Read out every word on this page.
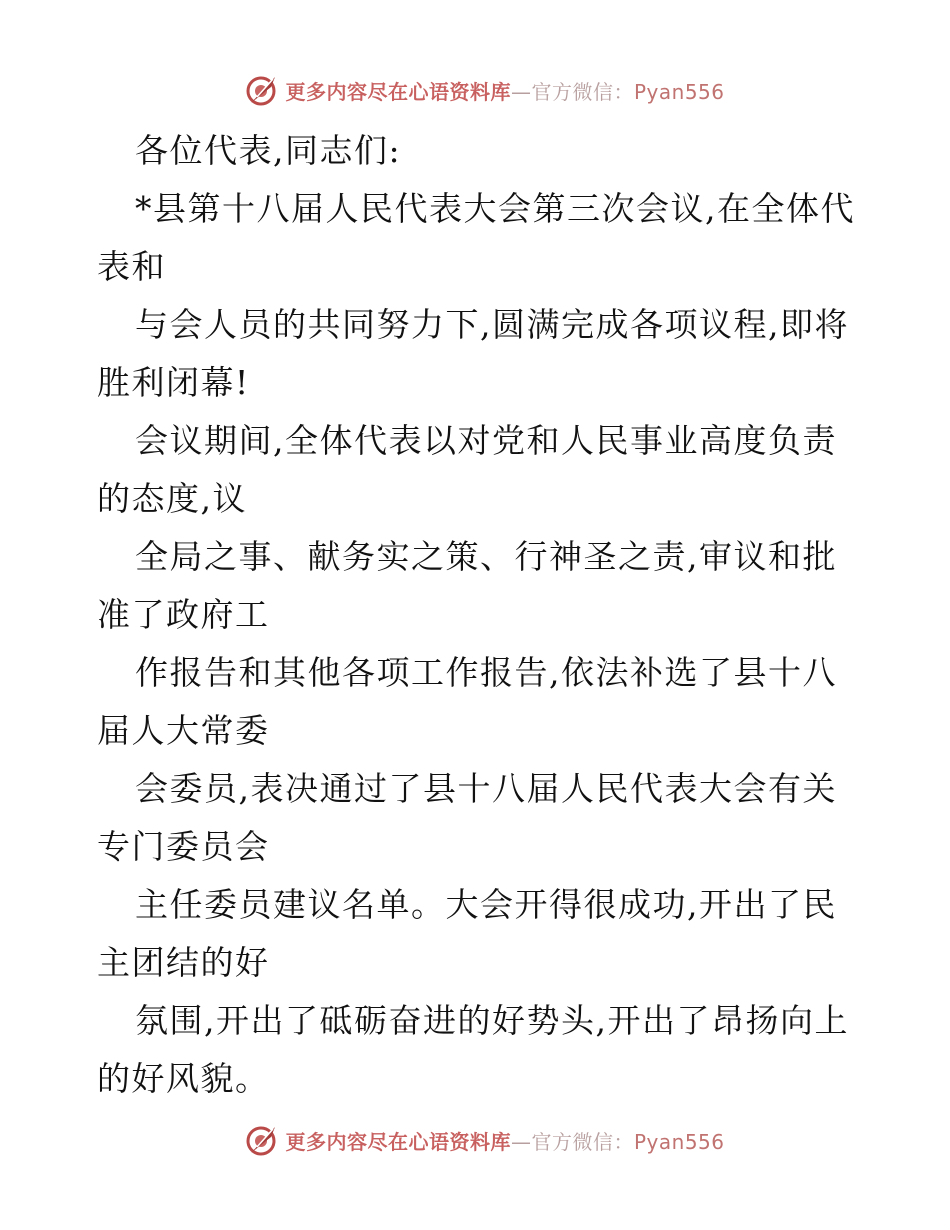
更多内容尽在心语资料库—官方微信：Pyan556
各位代表,同志们:
*县第十八届人民代表大会第三次会议,在全体代
表和
与会人员的共同努力下,圆满完成各项议程,即将
胜利闭幕!
会议期间,全体代表以对党和人民事业高度负责
的态度,议
全局之事、献务实之策、行神圣之责,审议和批
准了政府工
作报告和其他各项工作报告,依法补选了县十八
届人大常委
会委员,表决通过了县十八届人民代表大会有关
专门委员会
主任委员建议名单。大会开得很成功,开出了民
主团结的好
氛围,开出了砥砺奋进的好势头,开出了昂扬向上
的好风貌。
更多内容尽在心语资料库—官方微信：Pyan556
